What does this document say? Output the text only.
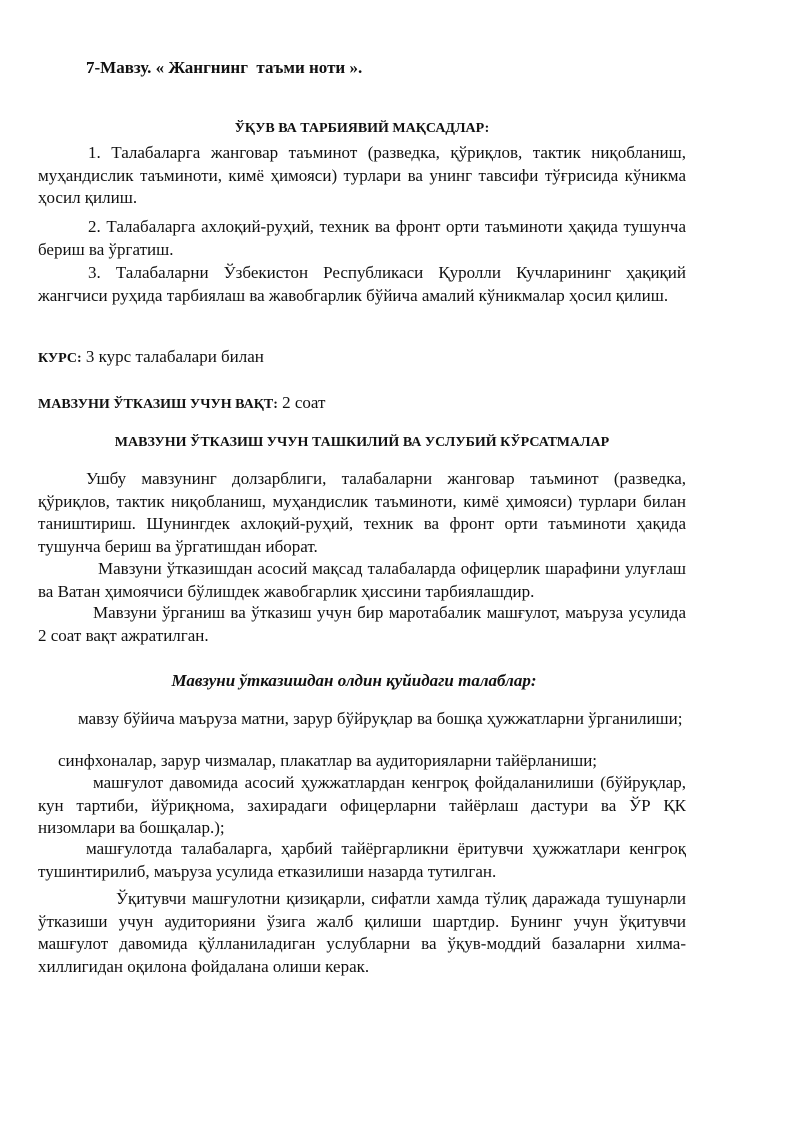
7-Мавзу. « Жангнинг  таъми ноти ».
ЎҚУВ ВА ТАРБИЯВИЙ МАҚСАДЛАР:

1. Талабаларга жанговар таъминот (разведка, қўриқлов, тактик ниқобланиш, муҳандислик таъминоти, кимё ҳимояси) турлари ва унинг тавсифи тўғрисида кўникма ҳосил қилиш.

2. Талабаларга ахлоқий-руҳий, техник ва фронт орти таъминоти ҳақида тушунча бериш ва ўргатиш.

3. Талабаларни Ўзбекистон Республикаси Қуролли Кучларининг ҳақиқий жангчиси руҳида тарбиялаш ва жавобгарлик бўйича амалий кўникмалар ҳосил қилиш.

КУРС: 3 курс талабалари билан
МАВЗУНИ ЎТКАЗИШ УЧУН ВАҚТ: 2 соат
МАВЗУНИ ЎТКАЗИШ УЧУН ТАШКИЛИЙ ВА УСЛУБИЙ КЎРСАТМАЛАР

Ушбу мавзунинг долзарблиги, талабаларни жанговар таъминот (разведка, қўриқлов, тактик ниқобланиш, муҳандислик таъминоти, кимё ҳимояси) турлари билан таништириш. Шунингдек ахлоқий-руҳий, техник ва фронт орти таъминоти ҳақида тушунча бериш ва ўргатишдан иборат.

Мавзуни ўтказишдан асосий мақсад талабаларда офицерлик шарафини улуғлаш ва Ватан ҳимоячиси бўлишдек жавобгарлик ҳиссини тарбиялашдир.

Мавзуни ўрганиш ва ўтказиш учун бир маротабалик машғулот, маъруза усулида 2 соат вақт ажратилган.

Мавзуни ўтказишдан олдин қуйидаги талаблар:

мавзу бўйича маъруза матни, зарур бўйруқлар ва бошқа ҳужжатларни ўрганилиши;

синфхоналар, зарур чизмалар, плакатлар ва аудиторияларни тайёрланиши;

машғулот давомида асосий ҳужжатлардан кенгроқ фойдаланилиши (бўйруқлар, кун тартиби, йўриқнома, захирадаги офицерларни тайёрлаш дастури ва ЎР ҚК низомлари ва бошқалар.);

машғулотда талабаларга, ҳарбий тайёргарликни ёритувчи ҳужжатлари кенгроқ тушинтирилиб, маъруза усулида етказилиши назарда тутилган.

Ўқитувчи машғулотни қизиқарли, сифатли хамда тўлиқ даражада тушунарли ўтказиши учун аудиторияни ўзига жалб қилиши шартдир. Бунинг учун ўқитувчи машғулот давомида қўлланиладиган услубларни ва ўқув-моддий базаларни хилма-хиллигидан оқилона фойдалана олиши керак.
